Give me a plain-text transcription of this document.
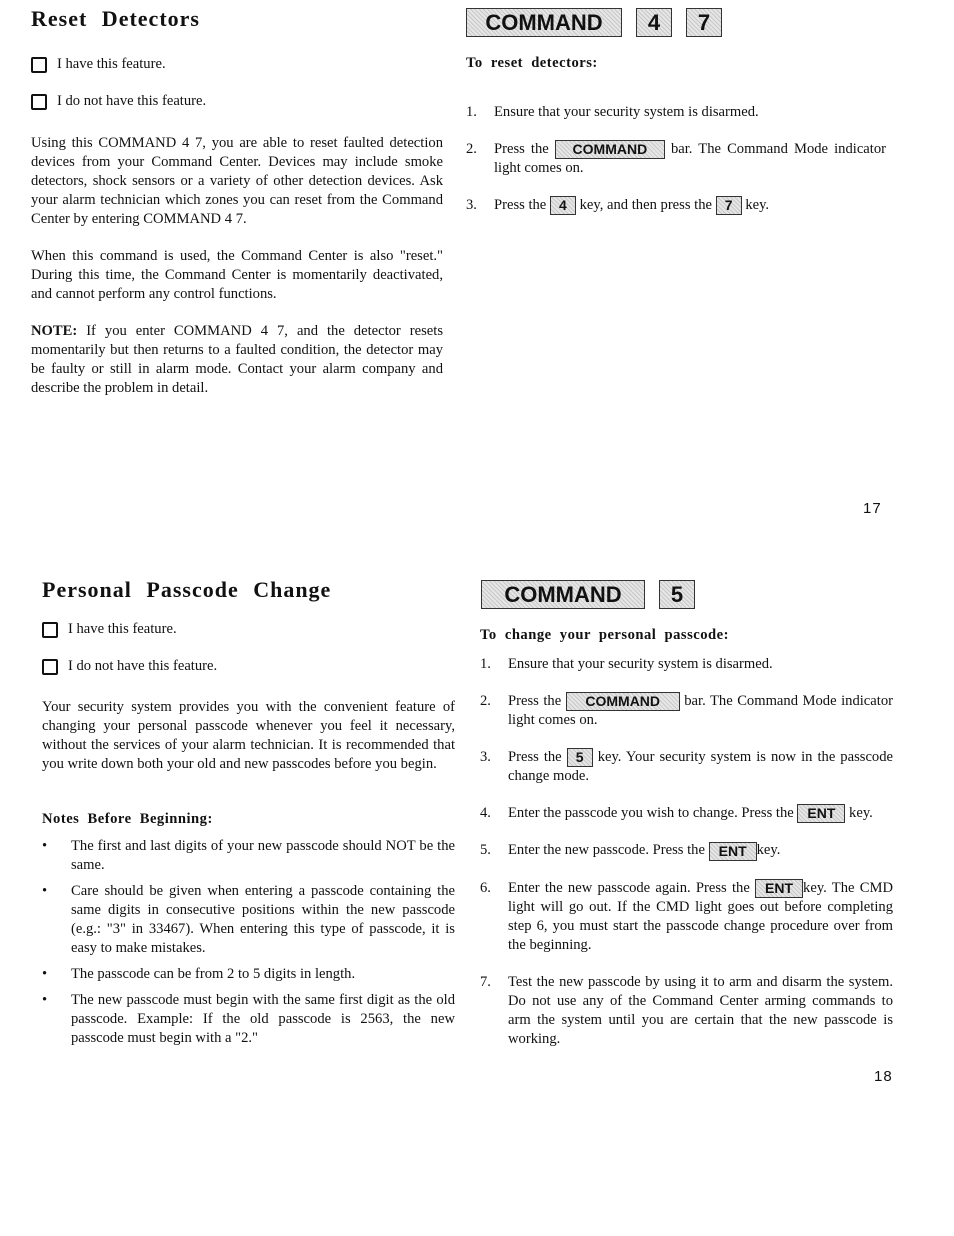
Reset Detectors
I have this feature.
I do not have this feature.

Using this COMMAND 4 7, you are able to reset faulted detection devices from your Command Center. Devices may include smoke detectors, shock sensors or a variety of other detection devices. Ask your alarm technician which zones you can reset from the Command Center by entering COMMAND 4 7.

When this command is used, the Command Center is also "reset." During this time, the Command Center is momentarily deactivated, and cannot perform any control functions.

NOTE: If you enter COMMAND 4 7, and the detector resets momentarily but then returns to a faulted condition, the detector may be faulty or still in alarm mode. Contact your alarm company and describe the problem in detail.

COMMAND	4	7

To reset detectors:

1.	Ensure that your security system is disarmed.
2.	Press the COMMAND bar. The Command Mode indicator light comes on.
3.	Press the 4 key, and then press the 7 key.
17
Personal Passcode Change
I have this feature.
I do not have this feature.

Your security system provides you with the convenient feature of changing your personal passcode whenever you feel it necessary, without the services of your alarm technician. It is recommended that you write down both your old and new passcodes before you begin.

Notes Before Beginning:

•	The first and last digits of your new passcode should NOT be the same.
•	Care should be given when entering a passcode containing the same digits in consecutive positions within the new passcode (e.g.: "3" in 33467). When entering this type of passcode, it is easy to make mistakes.
•	The passcode can be from 2 to 5 digits in length.
•	The new passcode must begin with the same first digit as the old passcode. Example: If the old passcode is 2563, the new passcode must begin with a "2."
COMMAND	5

To change your personal passcode:

1.	Ensure that your security system is disarmed.
2.	Press the COMMAND bar. The Command Mode indicator light comes on.
3.	Press the 5 key. Your security system is now in the passcode change mode.
4.	Enter the passcode you wish to change. Press the ENT key.
5.	Enter the new passcode. Press the ENT key.
6.	Enter the new passcode again. Press the ENT key. The CMD light will go out. If the CMD light goes out before completing step 6, you must start the passcode change procedure over from the beginning.
7.	Test the new passcode by using it to arm and disarm the system. Do not use any of the Command Center arming commands to arm the system until you are certain that the new passcode is working.
18
